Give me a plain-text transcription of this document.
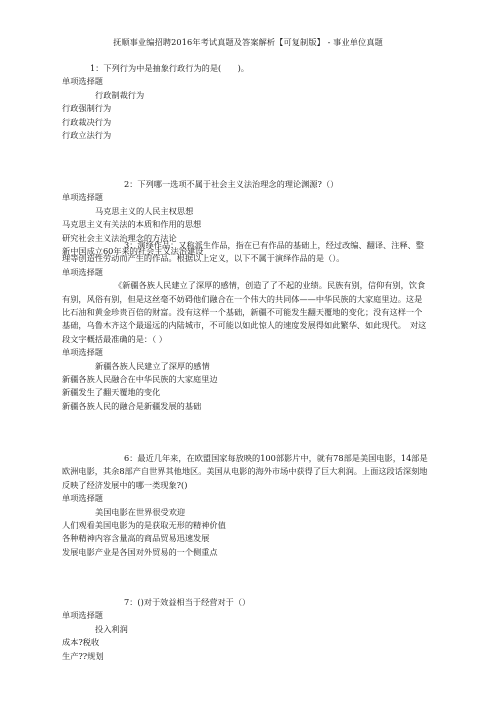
抚顺事业编招聘2016年考试真题及答案解析【可复制版】 - 事业单位真题
1：下列行为中是抽象行政行为的是(　　)。
单项选择题
行政制裁行为
行政强制行为
行政裁决行为
行政立法行为
2：下列哪一选项不属于社会主义法治理念的理论渊源?（）
单项选择题
马克思主义的人民主权思想
马克思主义有关法的本质和作用的思想
研究社会主义法治理念的方法论
新中国成立60年来的社会主义法治建设
3：演绎作品：又称派生作品，指在已有作品的基础上，经过改编、翻译、注释、整理等创造性劳动而产生的作品。根据以上定义，以下不属于演绎作品的是（）。
单项选择题
《新疆各族人民建立了深厚的感情，创造了了不起的业绩。民族有别，信仰有别，饮食有别，风俗有别，但是这丝毫不妨碍他们融合在一个伟大的共同体——中华民族的大家庭里边。这是比石油和黄金珍贵百倍的财富。没有这样一个基础，新疆不可能发生翻天覆地的变化；没有这样一个基础，乌鲁木齐这个最遥远的内陆城市，不可能以如此惊人的速度发展得如此繁华、如此现代。　对这段文字概括最准确的是：（ ）
单项选择题
新疆各族人民建立了深厚的感情
新疆各族人民融合在中华民族的大家庭里边
新疆发生了翻天覆地的变化
新疆各族人民的融合是新疆发展的基础
6：最近几年来，在欧盟国家每放映的100部影片中，就有78部是美国电影，14部是欧洲电影，其余8部产自世界其他地区。美国从电影的海外市场中获得了巨大利润。上面这段话深刻地反映了经济发展中的哪一类现象?()
单项选择题
美国电影在世界很受欢迎
人们观看美国电影为的是获取无形的精神价值
各种精神内容含量高的商品贸易迅速发展
发展电影产业是各国对外贸易的一个侧重点
7：()对于效益相当于经营对于（）
单项选择题
投入利润
成本?税收
生产??规划
